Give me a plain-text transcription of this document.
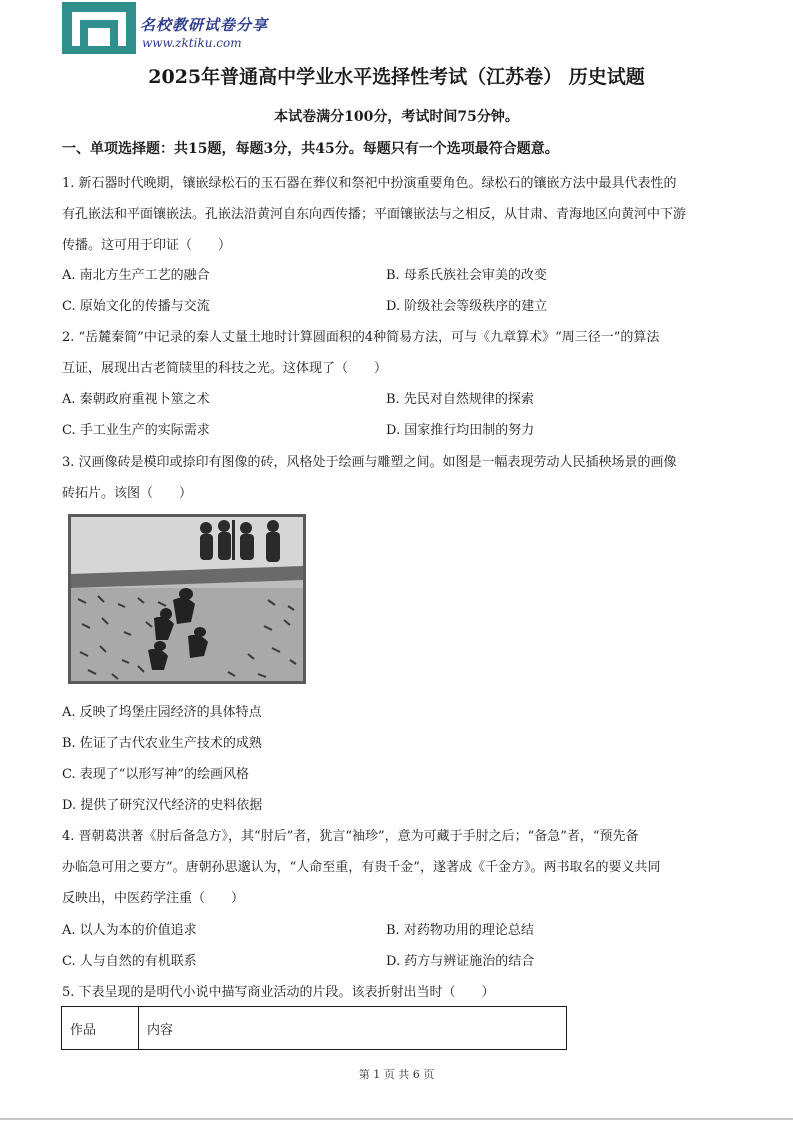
名校教研试卷分享
www.zktiku.com
2025年普通高中学业水平选择性考试（江苏卷） 历史试题
本试卷满分100分，考试时间75分钟。
一、单项选择题：共15题，每题3分，共45分。每题只有一个选项最符合题意。
1. 新石器时代晚期，镶嵌绿松石的玉石器在葬仪和祭祀中扮演重要角色。绿松石的镶嵌方法中最具代表性的
有孔嵌法和平面镶嵌法。孔嵌法沿黄河自东向西传播；平面镶嵌法与之相反，从甘肃、青海地区向黄河中下游
传播。这可用于印证（　　）
A. 南北方生产工艺的融合	B. 母系氏族社会审美的改变
C. 原始文化的传播与交流	D. 阶级社会等级秩序的建立
2. “岳麓秦简”中记录的秦人丈量土地时计算圆面积的4种简易方法，可与《九章算术》“周三径一”的算法
互证，展现出古老简牍里的科技之光。这体现了（　　）
A. 秦朝政府重视卜筮之术	B. 先民对自然规律的探索
C. 手工业生产的实际需求	D. 国家推行均田制的努力
3. 汉画像砖是模印或捺印有图像的砖，风格处于绘画与雕塑之间。如图是一幅表现劳动人民插秧场景的画像
砖拓片。该图（　　）
A. 反映了坞堡庄园经济的具体特点
B. 佐证了古代农业生产技术的成熟
C. 表现了“以形写神”的绘画风格
D. 提供了研究汉代经济的史料依据
4. 晋朝葛洪著《肘后备急方》，其“肘后”者，犹言“袖珍”，意为可藏于手肘之后；“备急”者，“预先备
办临急可用之要方”。唐朝孙思邈认为，“人命至重，有贵千金”，遂著成《千金方》。两书取名的要义共同
反映出，中医药学注重（　　）
A. 以人为本的价值追求	B. 对药物功用的理论总结
C. 人与自然的有机联系	D. 药方与辨证施治的结合
5. 下表呈现的是明代小说中描写商业活动的片段。该表折射出当时（　　）
作品	内容
第 1 页 共 6 页
